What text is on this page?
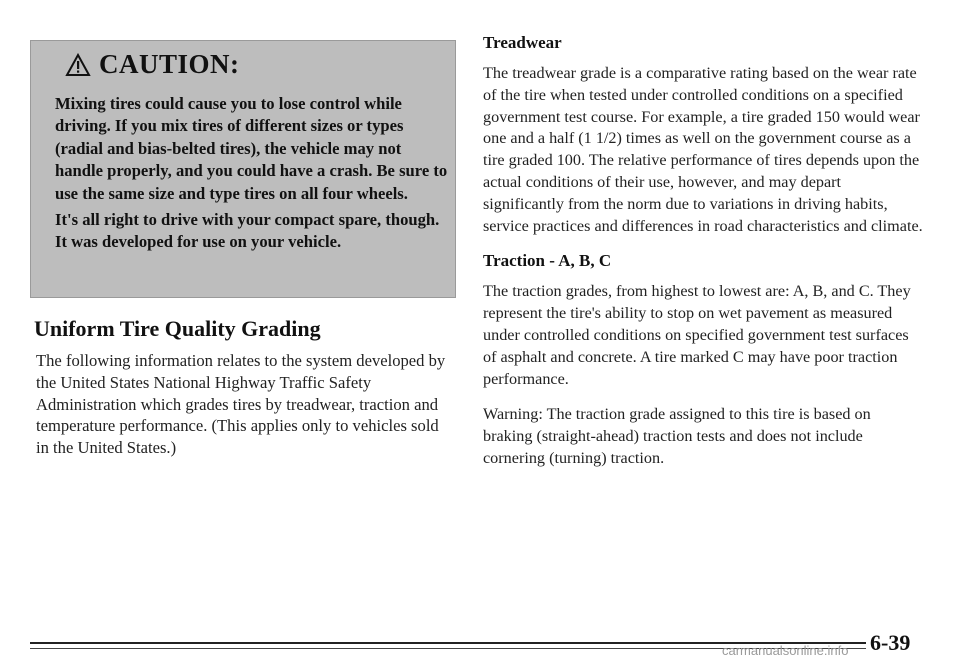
CAUTION:

Mixing tires could cause you to lose control while driving. If you mix tires of different sizes or types (radial and bias-belted tires), the vehicle may not handle properly, and you could have a crash. Be sure to use the same size and type tires on all four wheels.

It's all right to drive with your compact spare, though. It was developed for use on your vehicle.

Uniform Tire Quality Grading
The following information relates to the system developed by the United States National Highway Traffic Safety Administration which grades tires by treadwear, traction and temperature performance. (This applies only to vehicles sold in the United States.)
Treadwear

The treadwear grade is a comparative rating based on the wear rate of the tire when tested under controlled conditions on a specified government test course. For example, a tire graded 150 would wear one and a half (1 1/2) times as well on the government course as a tire graded 100. The relative performance of tires depends upon the actual conditions of their use, however, and may depart significantly from the norm due to variations in driving habits, service practices and differences in road characteristics and climate.

Traction - A, B, C

The traction grades, from highest to lowest are: A, B, and C. They represent the tire's ability to stop on wet pavement as measured under controlled conditions on specified government test surfaces of asphalt and concrete. A tire marked C may have poor traction performance.

Warning: The traction grade assigned to this tire is based on braking (straight-ahead) traction tests and does not include cornering (turning) traction.

6-39
carmanualsonline.info
